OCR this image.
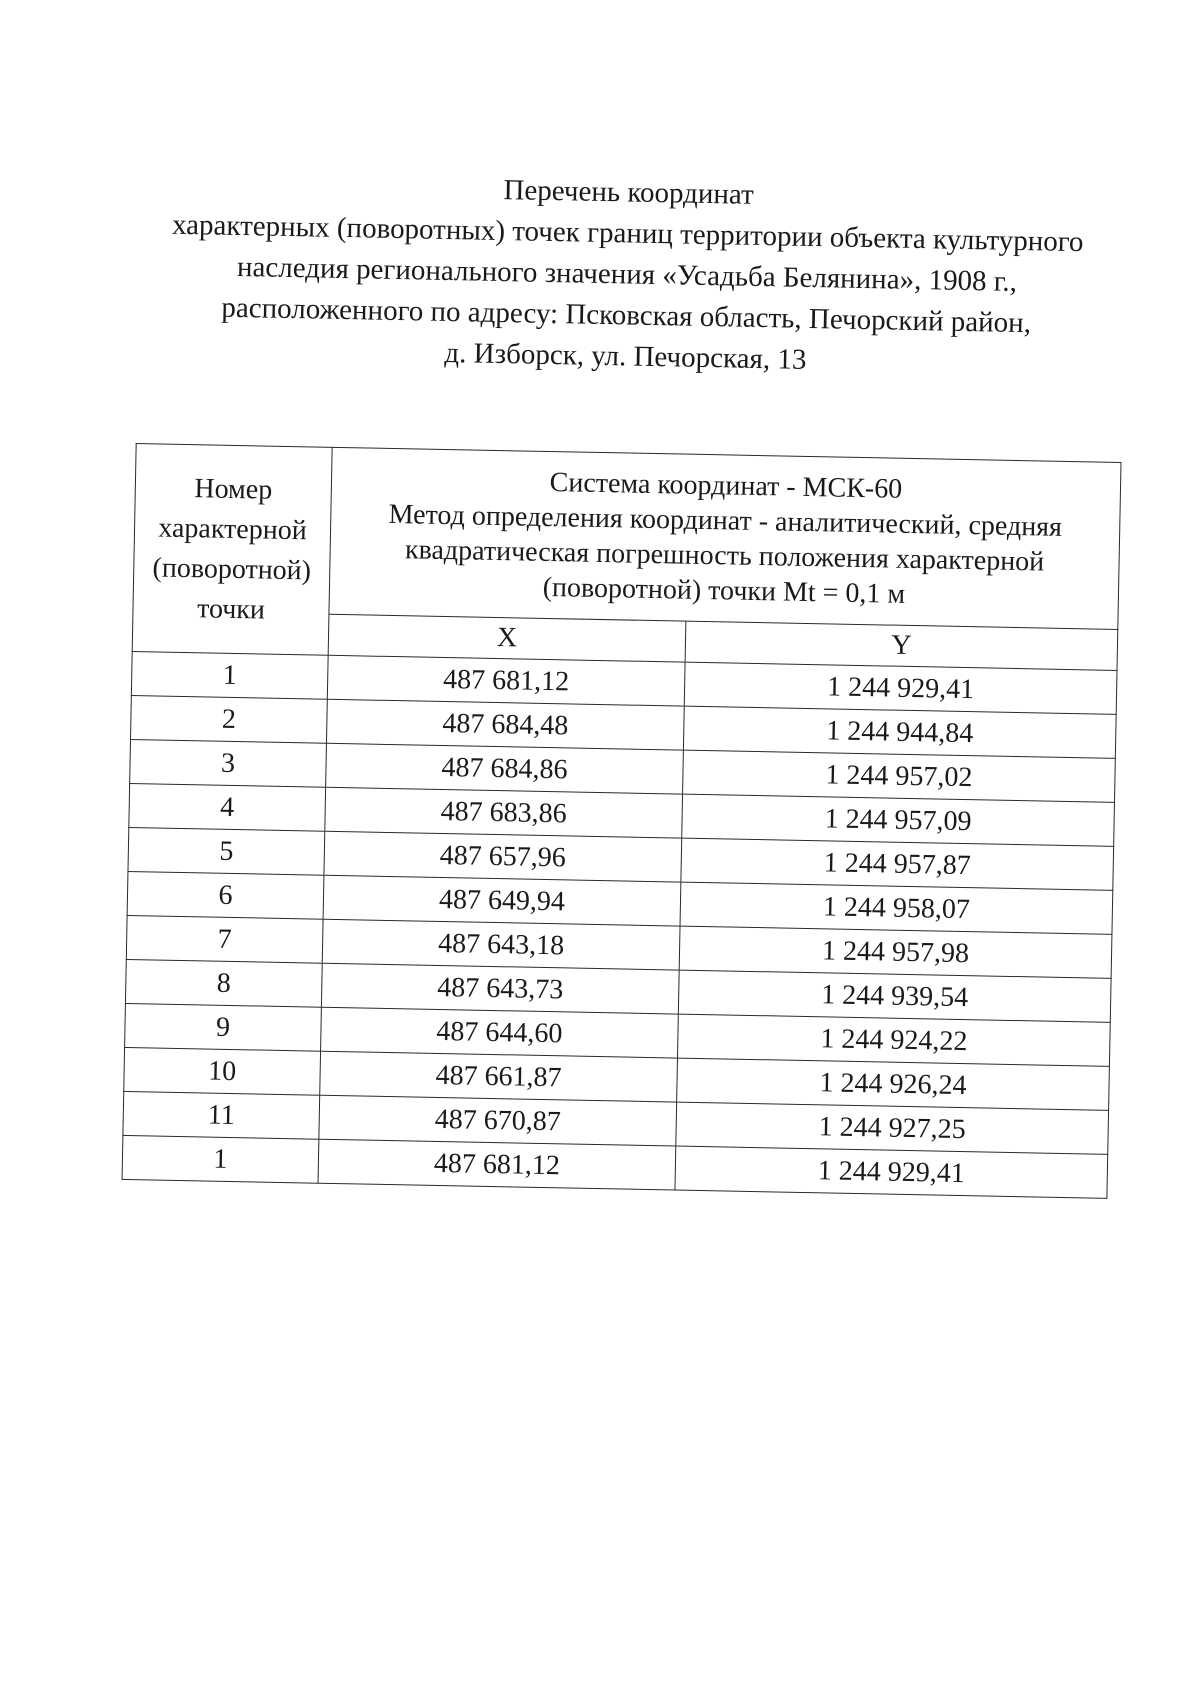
Перечень координат
характерных (поворотных) точек границ территории объекта культурного
наследия регионального значения «Усадьба Белянина», 1908 г.,
расположенного по адресу: Псковская область, Печорский район,
д. Изборск, ул. Печорская, 13
Номер
характерной
(поворотной)
точки	Система координат - МСК-60
Метод определения координат - аналитический, средняя
квадратическая погрешность положения характерной
(поворотной) точки Mt = 0,1 м	

	X	Y
1	487 681,12	1 244 929,41
2	487 684,48	1 244 944,84
3	487 684,86	1 244 957,02
4	487 683,86	1 244 957,09
5	487 657,96	1 244 957,87
6	487 649,94	1 244 958,07
7	487 643,18	1 244 957,98
8	487 643,73	1 244 939,54
9	487 644,60	1 244 924,22
10	487 661,87	1 244 926,24
11	487 670,87	1 244 927,25
1	487 681,12	1 244 929,41
